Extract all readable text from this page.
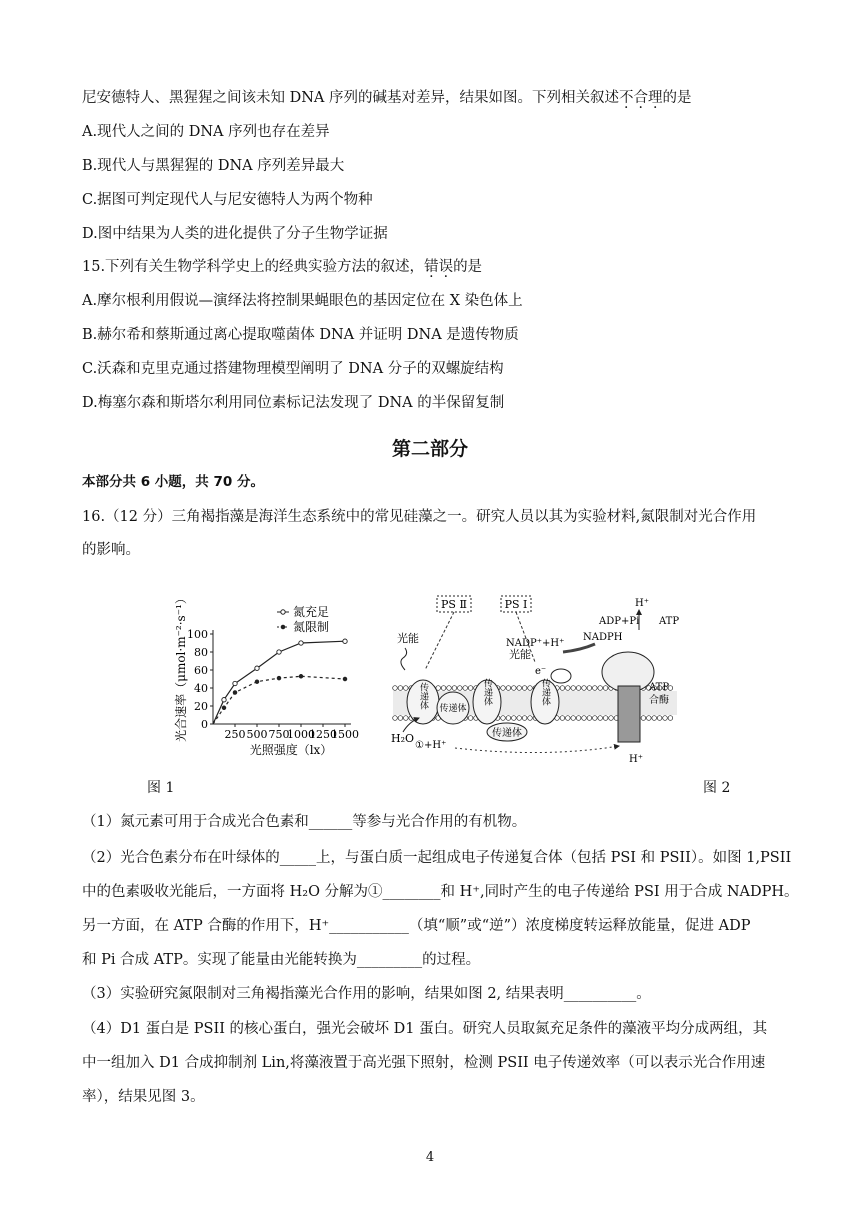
尼安德特人、黑猩猩之间该未知 DNA 序列的碱基对差异，结果如图。下列相关叙述不合理的是
A.现代人之间的 DNA 序列也存在差异
B.现代人与黑猩猩的 DNA 序列差异最大
C.据图可判定现代人与尼安德特人为两个物种
D.图中结果为人类的进化提供了分子生物学证据
15.下列有关生物学科学史上的经典实验方法的叙述，错误的是
A.摩尔根利用假说—演绎法将控制果蝇眼色的基因定位在 X 染色体上
B.赫尔希和蔡斯通过离心提取噬菌体 DNA 并证明 DNA 是遗传物质
C.沃森和克里克通过搭建物理模型阐明了 DNA 分子的双螺旋结构
D.梅塞尔森和斯塔尔利用同位素标记法发现了 DNA 的半保留复制
第二部分
本部分共 6 小题，共 70 分。
16.（12 分）三角褐指藻是海洋生态系统中的常见硅藻之一。研究人员以其为实验材料,氮限制对光合作用
的影响。
0
20
40
60
80
100
250 500 750
1000
1250
1500
光照强度（lx）
光合速率（μmol·m⁻²·s⁻¹）	氮充足
氮限制
PS Ⅱ	PS Ⅰ
光能
光能
传递体 传递体
传递体	传递体
传递体
e⁻
NADP⁺+H⁺
NADPH
ATP
合酶
ADP+Pi ATP
H⁺
H₂O
①+H⁺
H⁺
图 1	图 2
（1）氮元素可用于合成光合色素和______等参与光合作用的有机物。
（2）光合色素分布在叶绿体的_____上，与蛋白质一起组成电子传递复合体（包括 PSI 和 PSII）。如图 1,PSII
中的色素吸收光能后，一方面将 H₂O 分解为①________和 H⁺,同时产生的电子传递给 PSI 用于合成 NADPH。
另一方面，在 ATP 合酶的作用下，H⁺___________（填“顺”或“逆”）浓度梯度转运释放能量，促进 ADP
和 Pi 合成 ATP。实现了能量由光能转换为_________的过程。
（3）实验研究氮限制对三角褐指藻光合作用的影响，结果如图 2, 结果表明__________。
（4）D1 蛋白是 PSII 的核心蛋白，强光会破坏 D1 蛋白。研究人员取氮充足条件的藻液平均分成两组，其
中一组加入 D1 合成抑制剂 Lin,将藻液置于高光强下照射，检测 PSII 电子传递效率（可以表示光合作用速
率），结果见图 3。
4
